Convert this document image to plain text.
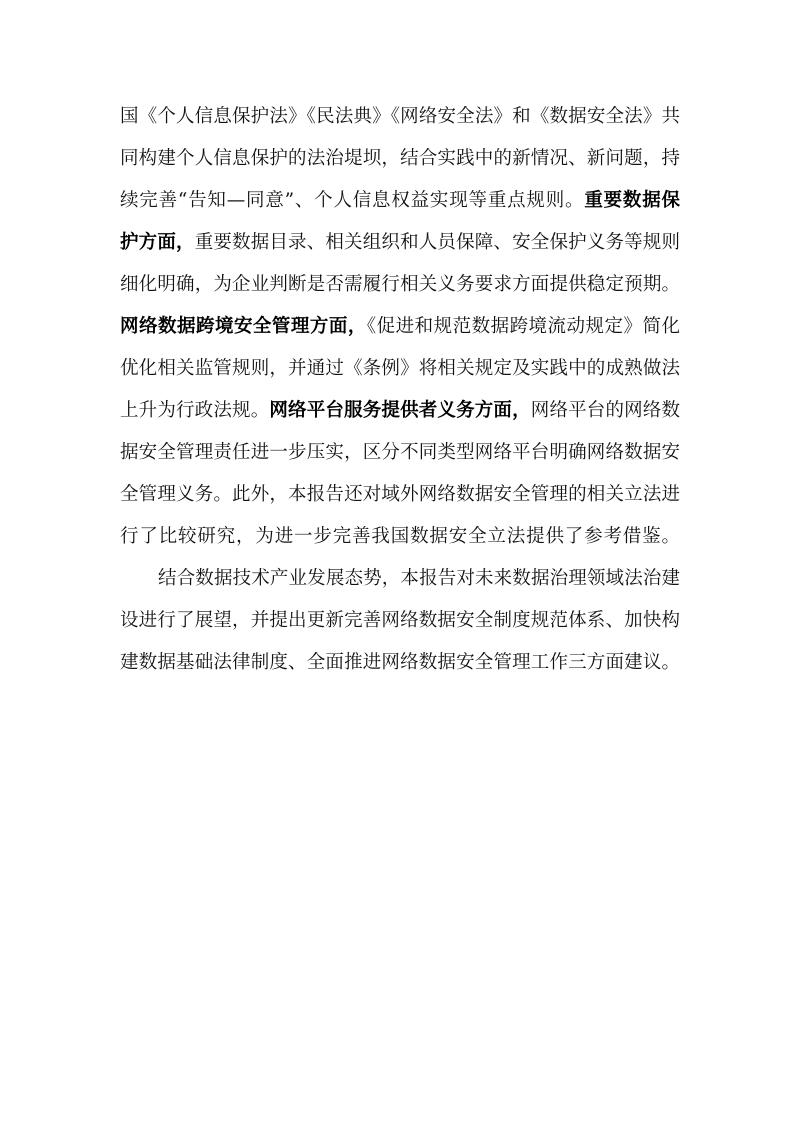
国《个人信息保护法》《民法典》《网络安全法》和《数据安全法》共
同构建个人信息保护的法治堤坝，结合实践中的新情况、新问题，持
续完善“告知—同意”、个人信息权益实现等重点规则。重要数据保
护方面，重要数据目录、相关组织和人员保障、安全保护义务等规则
细化明确，为企业判断是否需履行相关义务要求方面提供稳定预期。
网络数据跨境安全管理方面，《促进和规范数据跨境流动规定》简化
优化相关监管规则，并通过《条例》将相关规定及实践中的成熟做法
上升为行政法规。网络平台服务提供者义务方面，网络平台的网络数
据安全管理责任进一步压实，区分不同类型网络平台明确网络数据安
全管理义务。此外，本报告还对域外网络数据安全管理的相关立法进
行了比较研究，为进一步完善我国数据安全立法提供了参考借鉴。
结合数据技术产业发展态势，本报告对未来数据治理领域法治建
设进行了展望，并提出更新完善网络数据安全制度规范体系、加快构
建数据基础法律制度、全面推进网络数据安全管理工作三方面建议。
